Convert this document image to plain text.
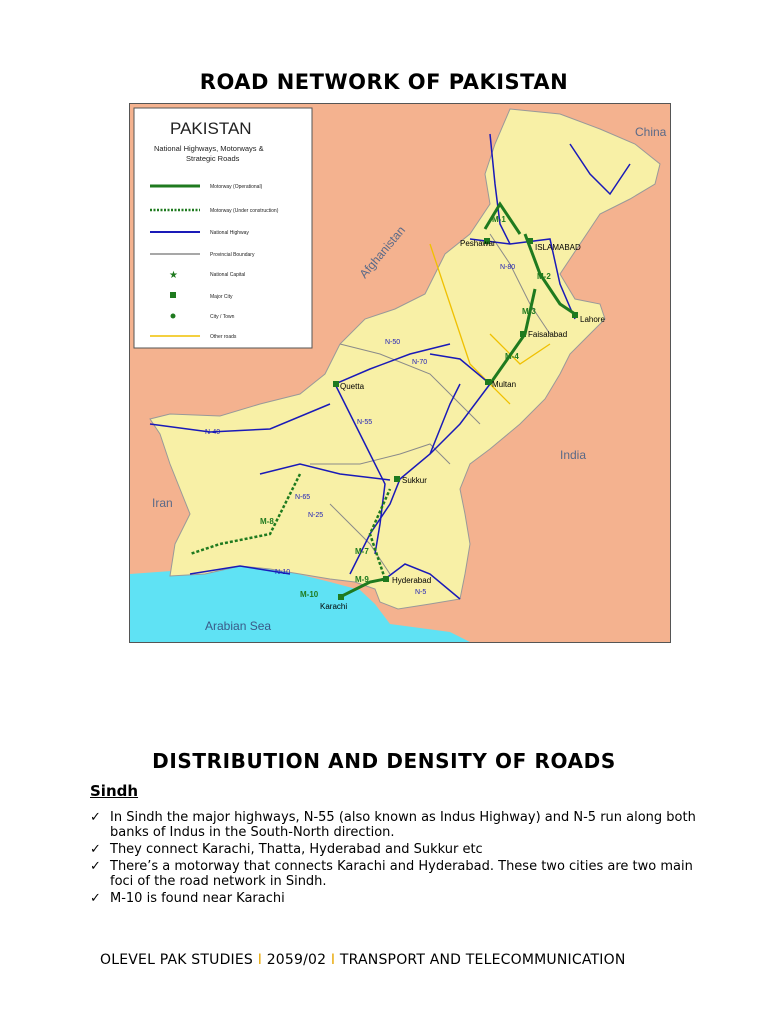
ROAD NETWORK OF PAKISTAN
China
Afghanistan
India
Iran
Arabian Sea
ISLAMABAD
Peshawar
Lahore
Faisalabad
Multan
Quetta
Sukkur
Hyderabad
Karachi
M-1
M-2
M-3
M-4
M-7
M-8
M-9
M-10
N-40
N-10
N-5
N-55
N-65
N-70
N-25
N-50
N-80
PAKISTAN
National Highways, Motorways &
Strategic Roads
Motorway (Operational)
Motorway (Under construction)
National Highway
Provincial Boundary
★	National Capital
Major City
City / Town
Other roads
DISTRIBUTION AND DENSITY OF ROADS
Sindh
✓ In Sindh the major highways, N-55 (also known as Indus Highway) and N-5 run along both banks of Indus in the South-North direction.
✓ They connect Karachi, Thatta, Hyderabad and Sukkur etc
✓ There’s a motorway that connects Karachi and Hyderabad. These two cities are two main foci of the road network in Sindh.
✓ M-10 is found near Karachi
OLEVEL PAK STUDIES I 2059/02 I TRANSPORT AND TELECOMMUNICATION
